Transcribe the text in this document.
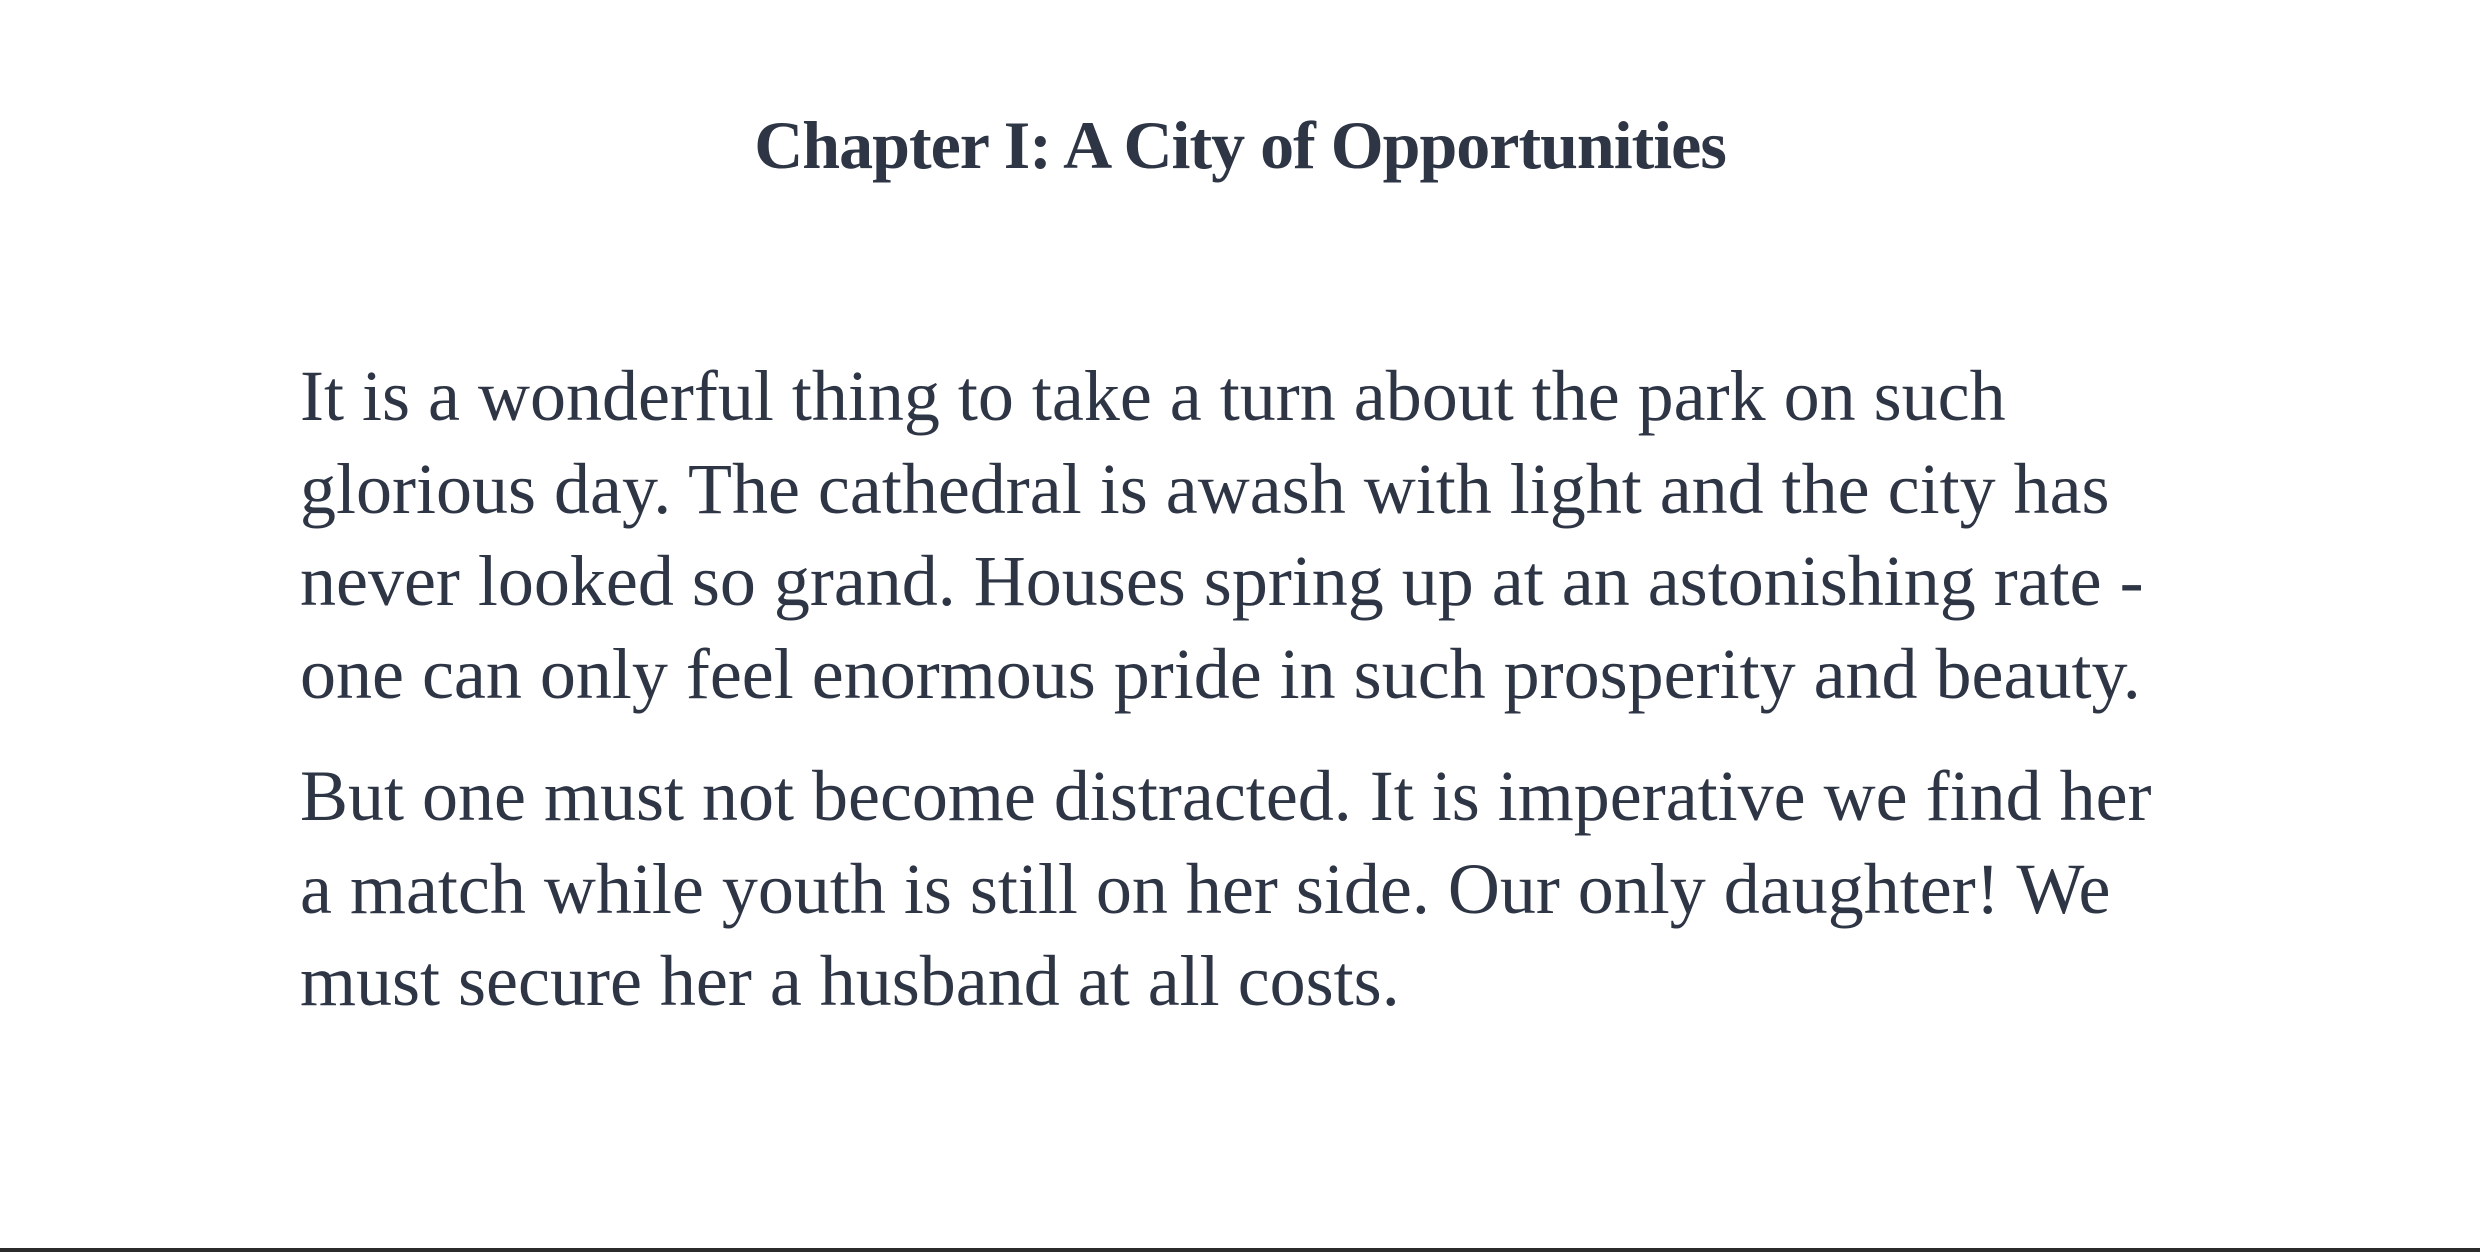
Chapter I: A City of Opportunities

It is a wonderful thing to take a turn about the park on such glorious day. The cathedral is awash with light and the city has never looked so grand. Houses spring up at an astonishing rate - one can only feel enormous pride in such prosperity and beauty.

But one must not become distracted. It is imperative we find her a match while youth is still on her side. Our only daughter! We must secure her a husband at all costs.
